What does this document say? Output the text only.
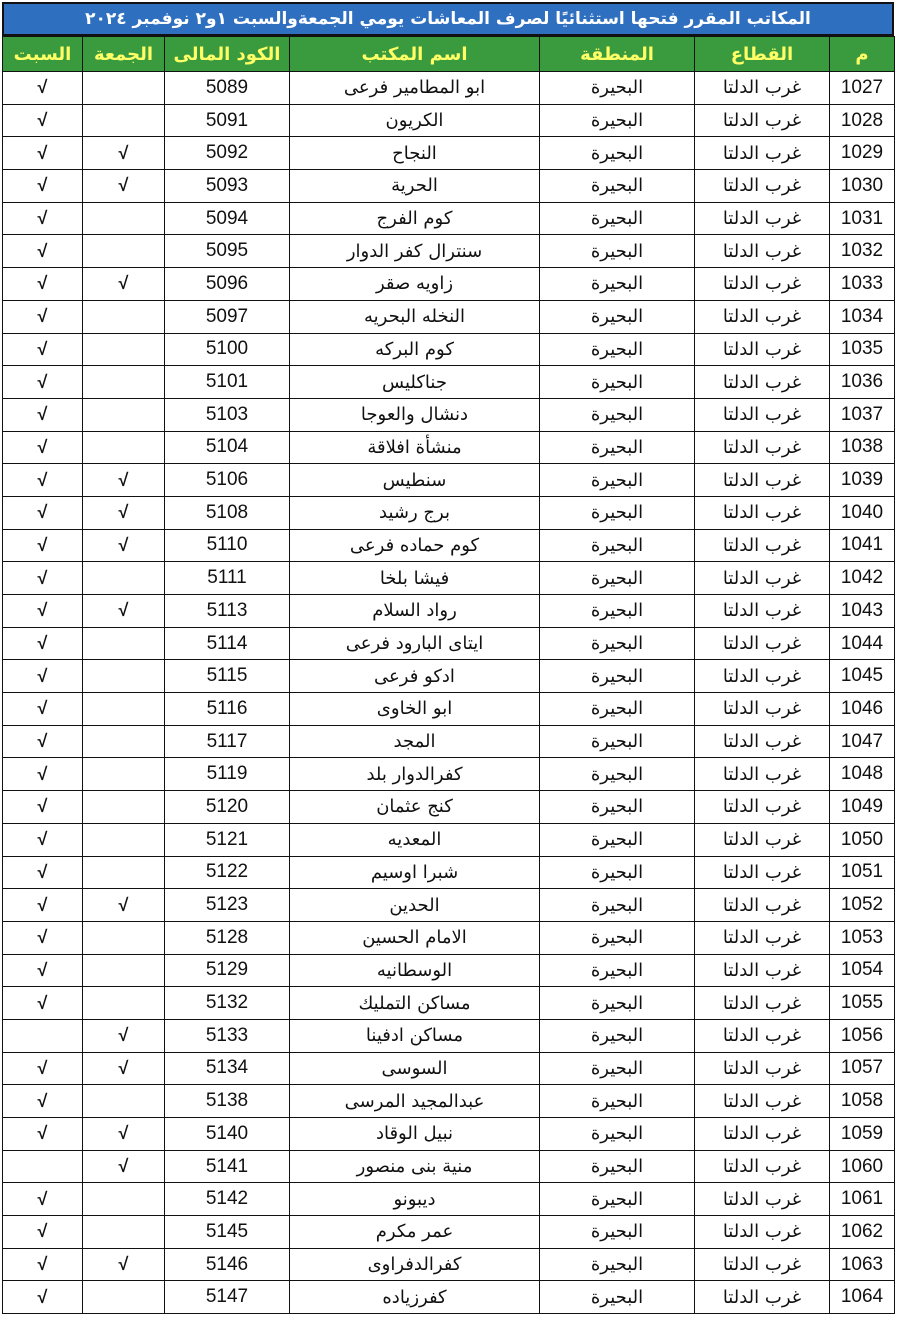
المكاتب المقرر فتحها استثنائيًا لصرف المعاشات يومي الجمعةوالسبت ١و٢ نوفمبر ٢٠٢٤
م	القطاع	المنطقة	اسم المكتب	الكود المالى	الجمعة	السبت
1027	غرب الدلتا	البحيرة	ابو المطامير فرعى	5089		√
1028	غرب الدلتا	البحيرة	الكريون	5091		√
1029	غرب الدلتا	البحيرة	النجاح	5092	√	√
1030	غرب الدلتا	البحيرة	الحرية	5093	√	√
1031	غرب الدلتا	البحيرة	كوم الفرج	5094		√
1032	غرب الدلتا	البحيرة	سنترال كفر الدوار	5095		√
1033	غرب الدلتا	البحيرة	زاويه صقر	5096	√	√
1034	غرب الدلتا	البحيرة	النخله البحريه	5097		√
1035	غرب الدلتا	البحيرة	كوم البركه	5100		√
1036	غرب الدلتا	البحيرة	جناكليس	5101		√
1037	غرب الدلتا	البحيرة	دنشال والعوجا	5103		√
1038	غرب الدلتا	البحيرة	منشأة افلاقة	5104		√
1039	غرب الدلتا	البحيرة	سنطيس	5106	√	√
1040	غرب الدلتا	البحيرة	برج رشيد	5108	√	√
1041	غرب الدلتا	البحيرة	كوم حماده فرعى	5110	√	√
1042	غرب الدلتا	البحيرة	فيشا بلخا	5111		√
1043	غرب الدلتا	البحيرة	رواد السلام	5113	√	√
1044	غرب الدلتا	البحيرة	ايتاى البارود فرعى	5114		√
1045	غرب الدلتا	البحيرة	ادكو فرعى	5115		√
1046	غرب الدلتا	البحيرة	ابو الخاوى	5116		√
1047	غرب الدلتا	البحيرة	المجد	5117		√
1048	غرب الدلتا	البحيرة	كفرالدوار بلد	5119		√
1049	غرب الدلتا	البحيرة	كنج عثمان	5120		√
1050	غرب الدلتا	البحيرة	المعديه	5121		√
1051	غرب الدلتا	البحيرة	شبرا اوسيم	5122		√
1052	غرب الدلتا	البحيرة	الحدين	5123	√	√
1053	غرب الدلتا	البحيرة	الامام الحسين	5128		√
1054	غرب الدلتا	البحيرة	الوسطانيه	5129		√
1055	غرب الدلتا	البحيرة	مساكن التمليك	5132		√
1056	غرب الدلتا	البحيرة	مساكن ادفينا	5133	√	
1057	غرب الدلتا	البحيرة	السوسى	5134	√	√
1058	غرب الدلتا	البحيرة	عبدالمجيد المرسى	5138		√
1059	غرب الدلتا	البحيرة	نبيل الوقاد	5140	√	√
1060	غرب الدلتا	البحيرة	منية بنى منصور	5141	√	
1061	غرب الدلتا	البحيرة	ديبونو	5142		√
1062	غرب الدلتا	البحيرة	عمر مكرم	5145		√
1063	غرب الدلتا	البحيرة	كفرالدفراوى	5146	√	√
1064	غرب الدلتا	البحيرة	كفرزياده	5147		√
